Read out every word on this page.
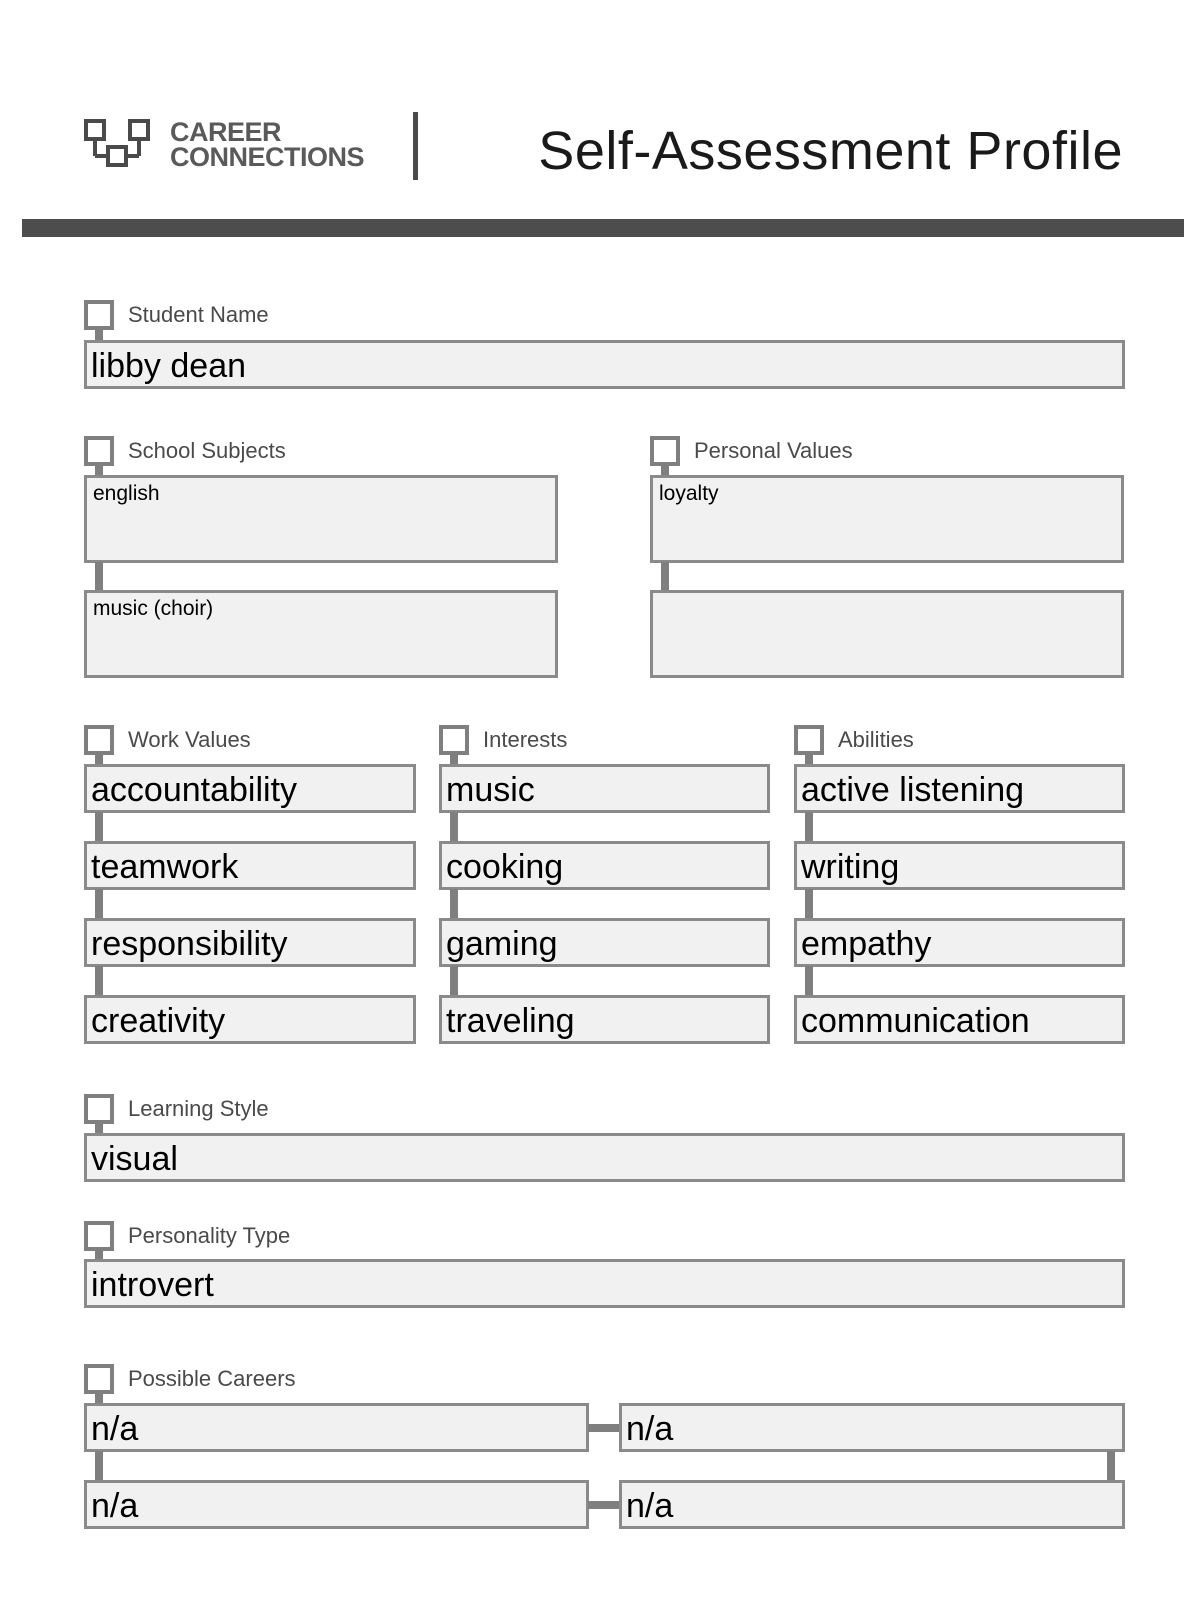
CAREER
CONNECTIONS	Self-Assessment Profile
Student Name
libby dean
School Subjects
english
music (choir)
Personal Values
loyalty
Work Values
accountability
teamwork
responsibility
creativity
Interests
music
cooking
gaming
traveling
Abilities
active listening
writing
empathy
communication
Learning Style
visual
Personality Type
introvert
Possible Careers
n/a	n/a
n/a	n/a
